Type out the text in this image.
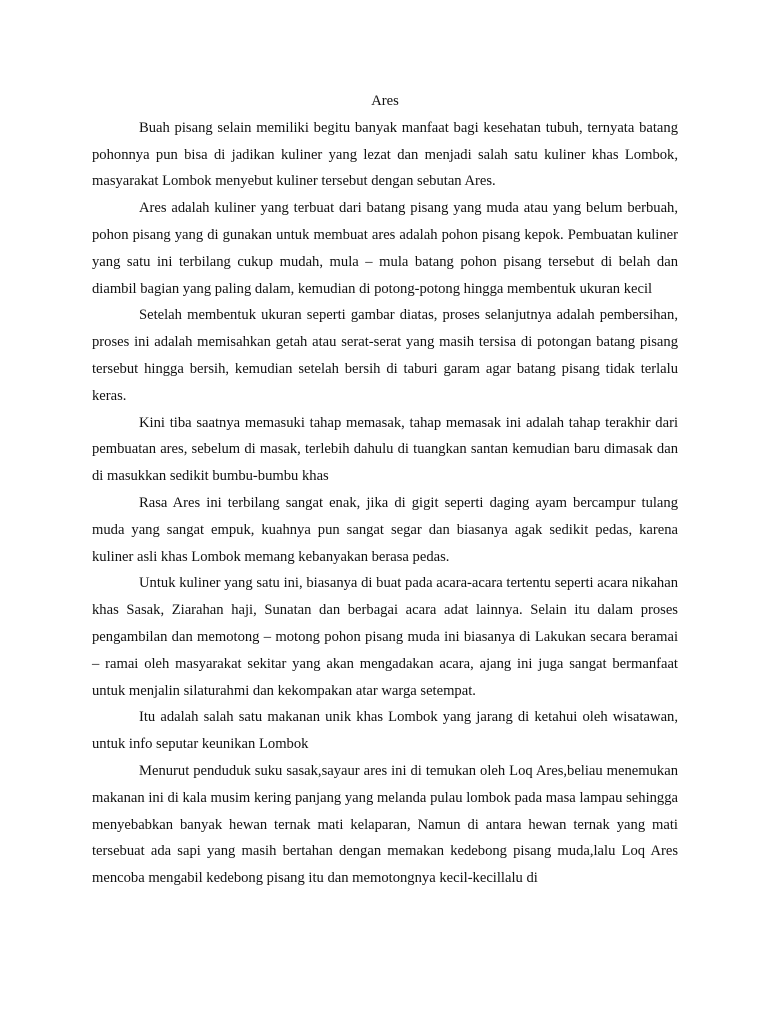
Ares

Buah pisang selain memiliki begitu banyak manfaat bagi kesehatan tubuh, ternyata batang pohonnya pun bisa di jadikan kuliner yang lezat dan menjadi salah satu kuliner khas Lombok, masyarakat Lombok menyebut kuliner tersebut dengan sebutan Ares.

Ares adalah kuliner yang terbuat dari batang pisang yang muda atau yang belum berbuah, pohon pisang yang di gunakan untuk membuat ares adalah pohon pisang kepok. Pembuatan kuliner yang satu ini terbilang cukup mudah, mula – mula batang pohon pisang tersebut di belah dan diambil bagian yang paling dalam, kemudian di potong-potong hingga membentuk ukuran kecil

Setelah membentuk ukuran seperti gambar diatas, proses selanjutnya adalah pembersihan, proses ini adalah memisahkan getah atau serat-serat yang masih tersisa di potongan batang pisang tersebut hingga bersih, kemudian setelah bersih di taburi garam agar batang pisang tidak terlalu keras.

Kini tiba saatnya memasuki tahap memasak, tahap memasak ini adalah tahap terakhir dari pembuatan ares, sebelum di masak, terlebih dahulu di tuangkan santan kemudian baru dimasak dan di masukkan sedikit bumbu-bumbu khas

Rasa Ares ini terbilang sangat enak, jika di gigit seperti daging ayam bercampur tulang muda yang sangat empuk, kuahnya pun sangat segar dan biasanya agak sedikit pedas, karena kuliner asli khas Lombok memang kebanyakan berasa pedas.

Untuk kuliner yang satu ini, biasanya di buat pada acara-acara tertentu seperti acara nikahan khas Sasak, Ziarahan haji, Sunatan dan berbagai acara adat lainnya. Selain itu dalam proses pengambilan dan memotong – motong pohon pisang muda ini biasanya di Lakukan secara beramai – ramai oleh masyarakat sekitar yang akan mengadakan acara, ajang ini juga sangat bermanfaat untuk menjalin silaturahmi dan kekompakan atar warga setempat.

Itu adalah salah satu makanan unik khas Lombok yang jarang di ketahui oleh wisatawan, untuk info seputar keunikan Lombok

Menurut penduduk suku sasak,sayaur ares ini di temukan oleh Loq Ares,beliau menemukan makanan ini di kala musim kering panjang yang melanda pulau lombok pada masa lampau sehingga menyebabkan banyak hewan ternak mati kelaparan, Namun di antara hewan ternak yang mati tersebuat ada sapi yang masih bertahan dengan memakan kedebong pisang muda,lalu Loq Ares mencoba mengabil kedebong pisang itu dan memotongnya kecil-kecillalu di
